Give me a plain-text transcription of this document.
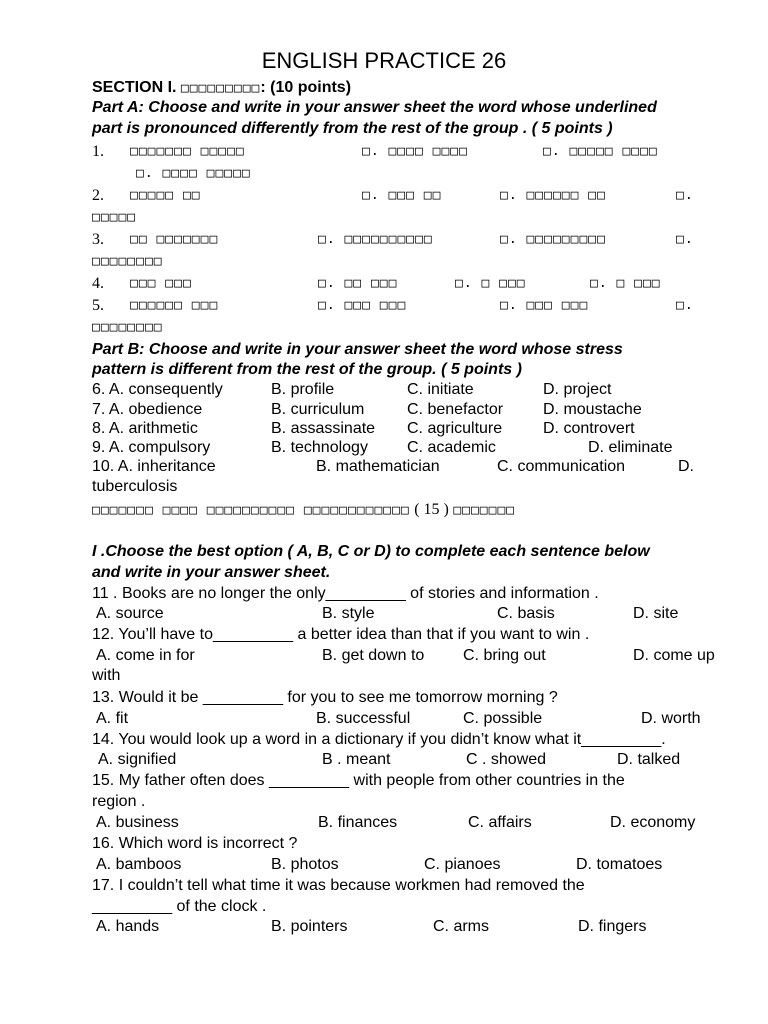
ENGLISH PRACTICE 26
SECTION I. □□□□□□□□□: (10 points)
Part A: Choose and write in your answer sheet the word whose underlined
part is pronounced differently from the rest of the group . ( 5 points )
1. □□□□□□□ □□□□□	□. □□□□ □□□□	□. □□□□□ □□□□
□. □□□□ □□□□□
2. □□□□□ □□	□. □□□ □□	□. □□□□□□ □□	□.
□□□□□
3. □□ □□□□□□□	□. □□□□□□□□□□	□. □□□□□□□□□	□.
□□□□□□□□
4. □□□ □□□	□. □□ □□□	□. □ □□□	□. □ □□□
5. □□□□□□ □□□	□. □□□ □□□	□. □□□ □□□	□.
□□□□□□□□
Part B: Choose and write in your answer sheet the word whose stress
pattern is different from the rest of the group. ( 5 points )
6. A. consequently	B. profile	C. initiate	D. project
7. A. obedience	B. curriculum	C. benefactor D. moustache
8. A. arithmetic	B. assassinate C. agriculture	D. controvert
9. A. compulsory	B. technology C. academic	D. eliminate
10. A. inheritance	B. mathematician	C. communication	D.
tuberculosis
□□□□□□□ □□□□ □□□□□□□□□□ □□□□□□□□□□□□ ( 15 ) □□□□□□□
I .Choose the best option ( A, B, C or D) to complete each sentence below
and write in your answer sheet.
11 . Books are no longer the only_________ of stories and information .
A. source	B. style	C. basis	D. site
12. You’ll have to_________ a better idea than that if you want to win .
A. come in for	B. get down to C. bring out	D. come up
with
13. Would it be _________ for you to see me tomorrow morning ?
A. fit	B. successful	C. possible	D. worth
14. You would look up a word in a dictionary if you didn’t know what it_________.
A. signified	B . meant	C . showed	D. talked
15. My father often does _________ with people from other countries in the
region .
A. business	B. finances	C. affairs	D. economy
16. Which word is incorrect ?
A. bamboos	B. photos	C. pianoes	D. tomatoes
17. I couldn’t tell what time it was because workmen had removed the
_________ of the clock .
A. hands	B. pointers	C. arms	D. fingers
